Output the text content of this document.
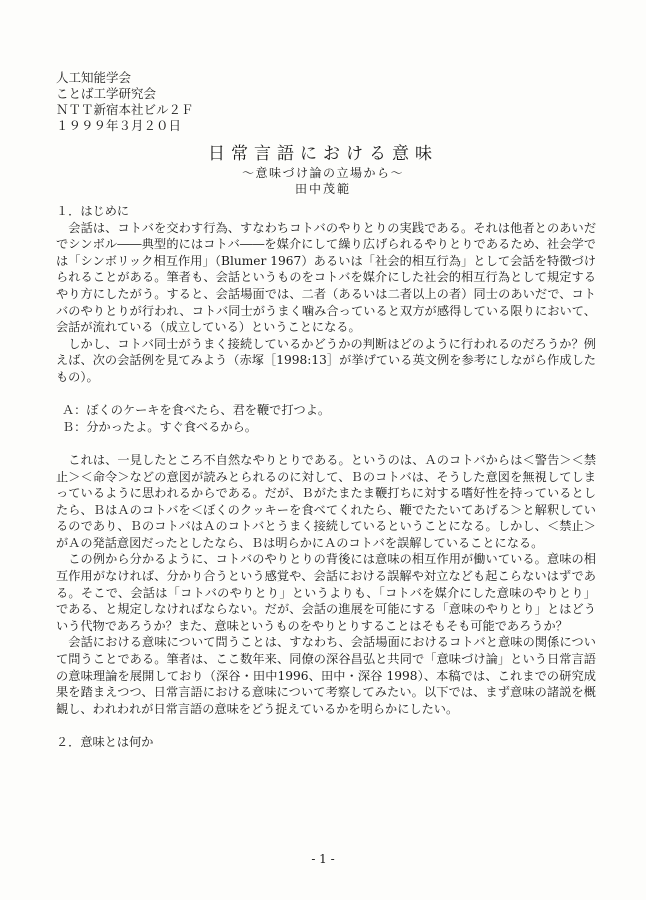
人工知能学会
ことば工学研究会
ＮＴＴ新宿本社ビル２Ｆ
１９９９年３月２０日
日常言語における意味
～意味づけ論の立場から～
田中茂範

１．はじめに

　会話は、コトバを交わす行為、すなわちコトバのやりとりの実践である。それは他者とのあいだでシンボル――典型的にはコトバ――を媒介にして繰り広げられるやりとりであるため、社会学では「シンボリック相互作用」（Blumer 1967）あるいは「社会的相互行為」として会話を特徴づけられることがある。筆者も、会話というものをコトバを媒介にした社会的相互行為として規定するやり方にしたがう。すると、会話場面では、二者（あるいは二者以上の者）同士のあいだで、コトバのやりとりが行われ、コトバ同士がうまく噛み合っていると双方が感得している限りにおいて、会話が流れている（成立している）ということになる。

　しかし、コトバ同士がうまく接続しているかどうかの判断はどのように行われるのだろうか？例えば、次の会話例を見てみよう（赤塚［1998:13］が挙げている英文例を参考にしながら作成したもの）。

Ａ：ぼくのケーキを食べたら、君を鞭で打つよ。

Ｂ：分かったよ。すぐ食べるから。

　これは、一見したところ不自然なやりとりである。というのは、Ａのコトバからは＜警告＞＜禁止＞＜命令＞などの意図が読みとられるのに対して、Ｂのコトバは、そうした意図を無視してしまっているように思われるからである。だが、Ｂがたまたま鞭打ちに対する嗜好性を持っているとしたら、ＢはＡのコトバを＜ぼくのクッキーを食べてくれたら、鞭でたたいてあげる＞と解釈しているのであり、ＢのコトバはＡのコトバとうまく接続しているということになる。しかし、＜禁止＞がＡの発話意図だったとしたなら、Ｂは明らかにＡのコトバを誤解していることになる。

　この例から分かるように、コトバのやりとりの背後には意味の相互作用が働いている。意味の相互作用がなければ、分かり合うという感覚や、会話における誤解や対立なども起こらないはずである。そこで、会話は「コトバのやりとり」というよりも、「コトバを媒介にした意味のやりとり」である、と規定しなければならない。だが、会話の進展を可能にする「意味のやりとり」とはどういう代物であろうか？また、意味というものをやりとりすることはそもそも可能であろうか？

　会話における意味について問うことは、すなわち、会話場面におけるコトバと意味の関係について問うことである。筆者は、ここ数年来、同僚の深谷昌弘と共同で「意味づけ論」という日常言語の意味理論を展開しており（深谷・田中1996、田中・深谷 1998）、本稿では、これまでの研究成果を踏まえつつ、日常言語における意味について考察してみたい。以下では、まず意味の諸説を概観し、われわれが日常言語の意味をどう捉えているかを明らかにしたい。

２．意味とは何か

- 1 -
